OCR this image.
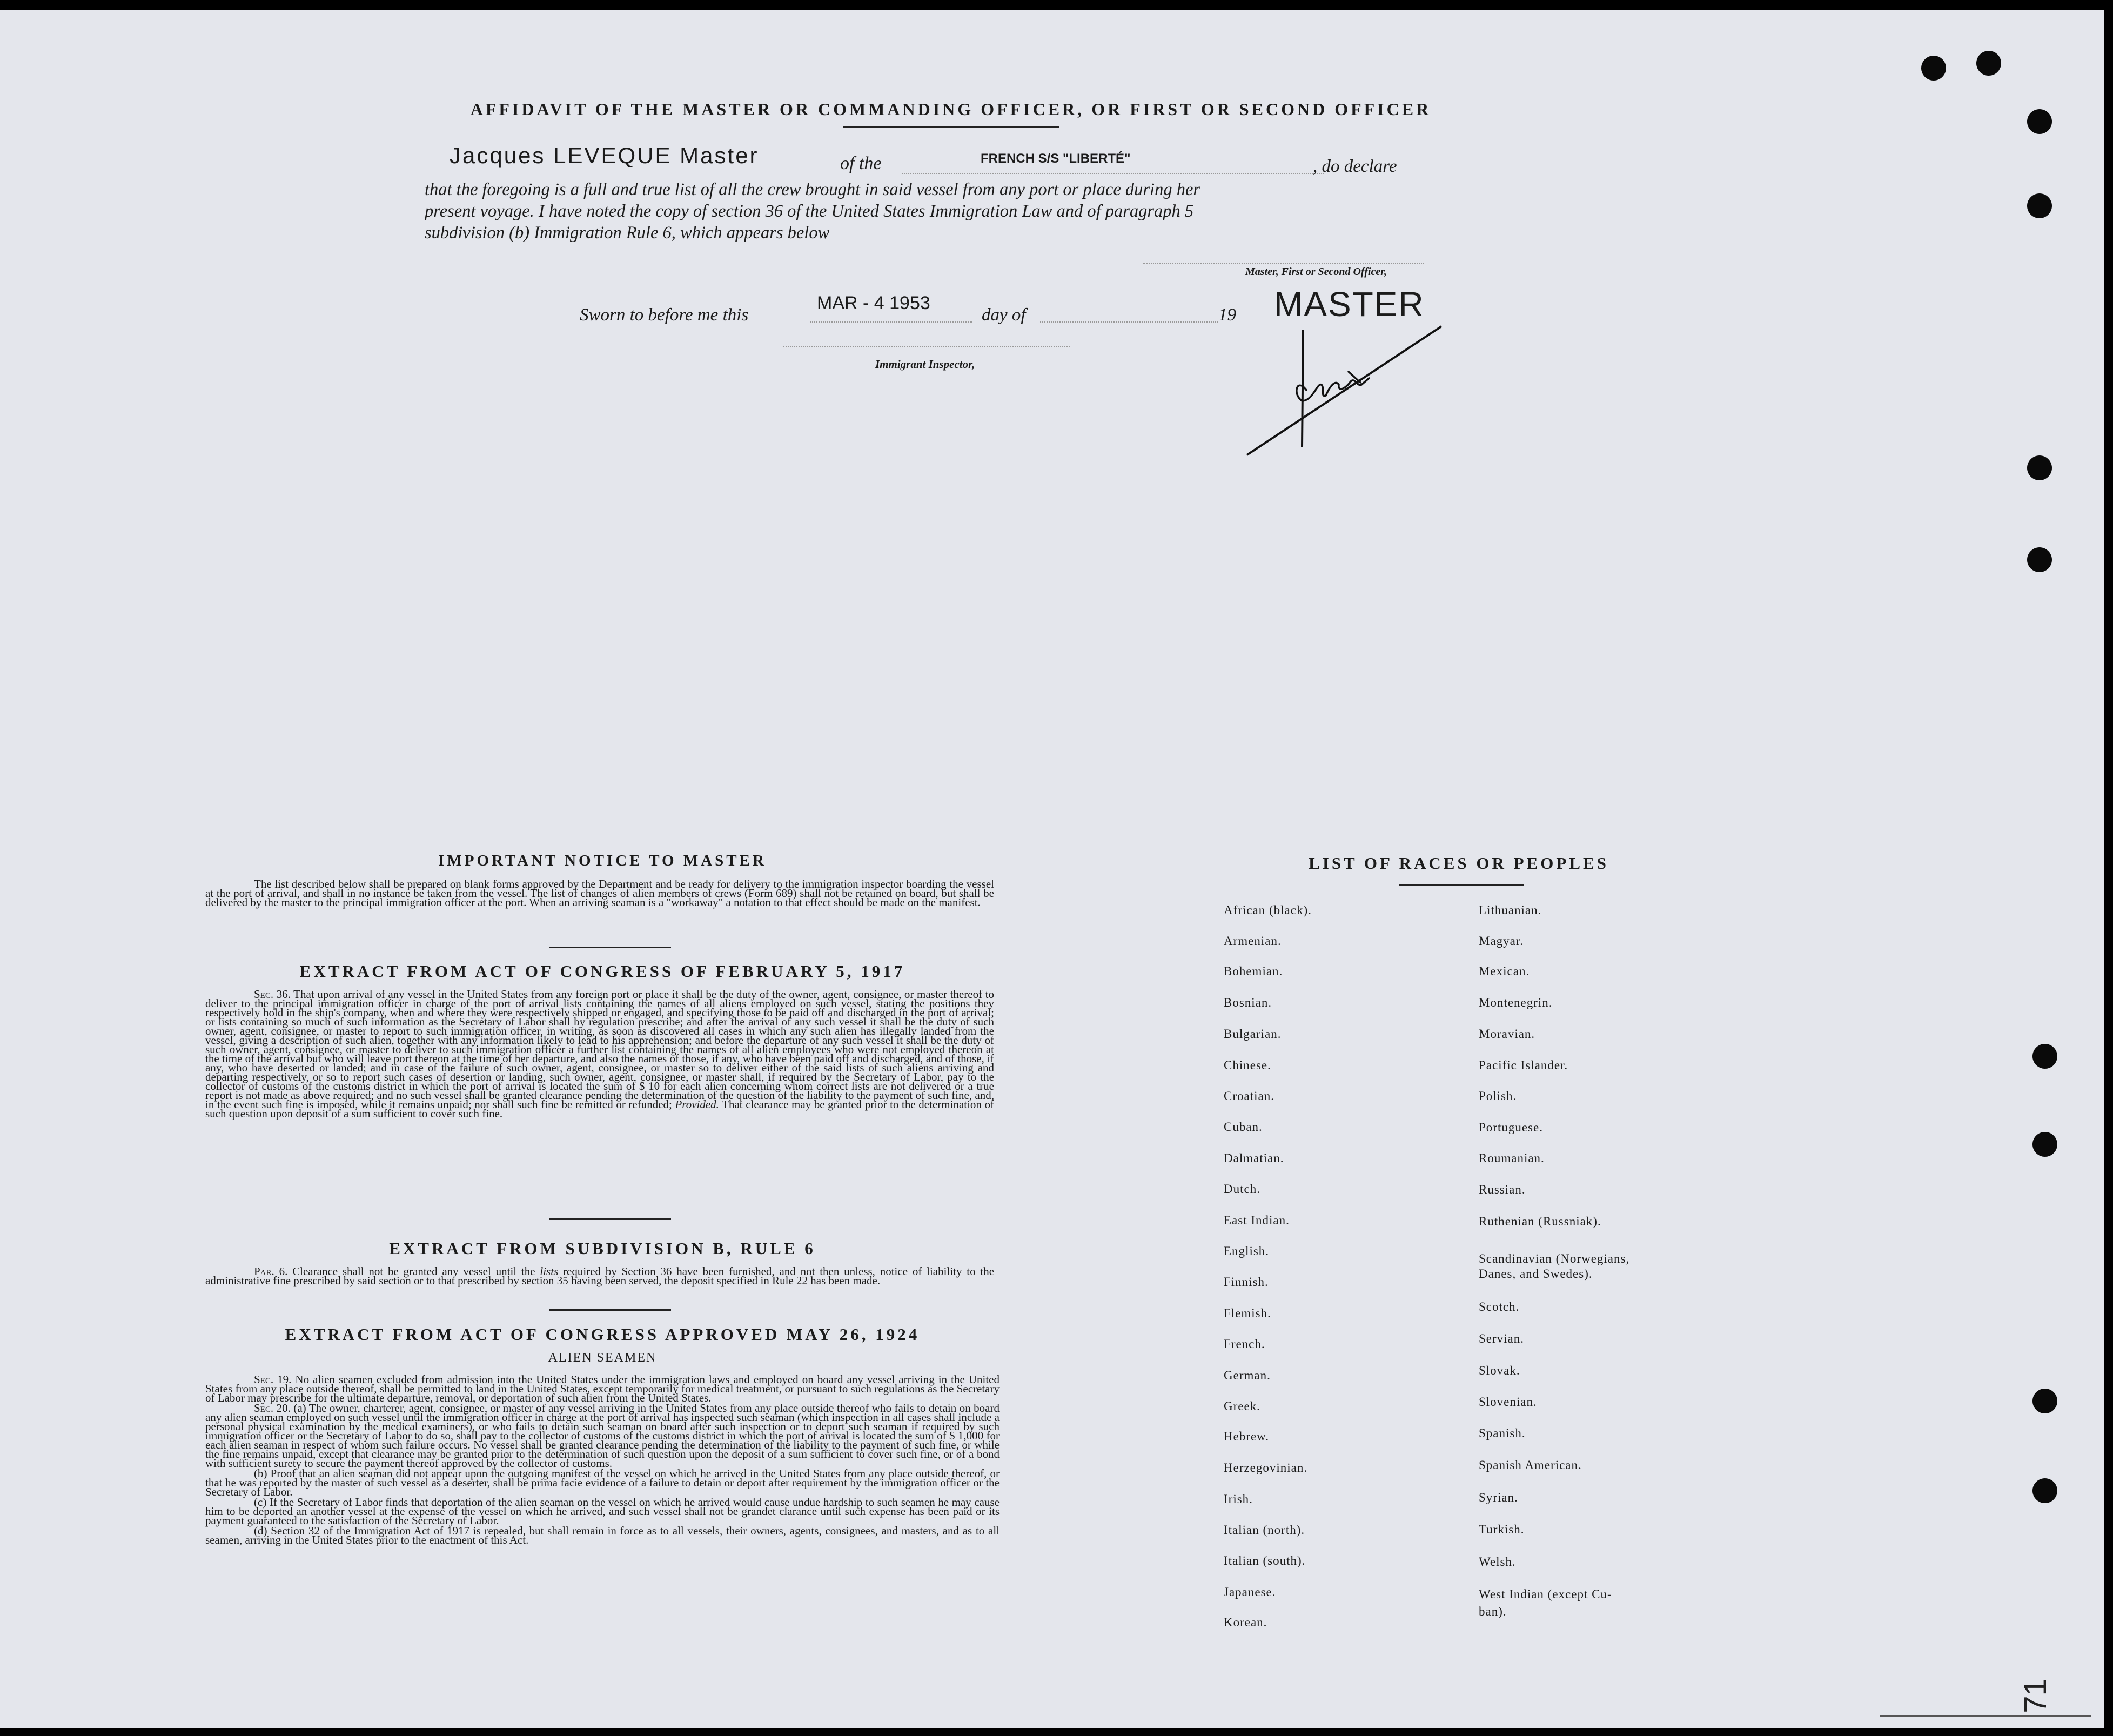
AFFIDAVIT OF THE MASTER OR COMMANDING OFFICER, OR FIRST OR SECOND OFFICER
Jacques LEVEQUE Master	of the	FRENCH S/S "LIBERTÉ"	, do declare
that the foregoing is a full and true list of all the crew brought in said vessel from any port or place during her
present voyage. I have noted the copy of section 36 of the United States Immigration Law and of paragraph 5
subdivision (b) Immigration Rule 6, which appears below
Master, First or Second Officer,
Sworn to before me this
MAR - 4 1953
day of	19 MASTER
Immigrant Inspector,
IMPORTANT NOTICE TO MASTER

The list described below shall be prepared on blank forms approved by the Department and be ready for delivery to the immigration inspector boarding the vessel at the port of arrival, and shall in no instance be taken from the vessel. The list of changes of alien members of crews (Form 689) shall not be retained on board, but shall be delivered by the master to the principal immigration officer at the port. When an arriving seaman is a "workaway" a notation to that effect should be made on the manifest.

EXTRACT FROM ACT OF CONGRESS OF FEBRUARY 5, 1917

Sec. 36. That upon arrival of any vessel in the United States from any foreign port or place it shall be the duty of the owner, agent, consignee, or master thereof to deliver to the principal immigration officer in charge of the port of arrival lists containing the names of all aliens employed on such vessel, stating the positions they respectively hold in the ship's company, when and where they were respectively shipped or engaged, and specifying those to be paid off and discharged in the port of arrival; or lists containing so much of such information as the Secretary of Labor shall by regulation prescribe; and after the arrival of any such vessel it shall be the duty of such owner, agent, consignee, or master to report to such immigration officer, in writing, as soon as discovered all cases in which any such alien has illegally landed from the vessel, giving a description of such alien, together with any information likely to lead to his apprehension; and before the departure of any such vessel it shall be the duty of such owner, agent, consignee, or master to deliver to such immigration officer a further list containing the names of all alien employees who were not employed thereon at the time of the arrival but who will leave port thereon at the time of her departure, and also the names of those, if any, who have been paid off and discharged, and of those, if any, who have deserted or landed; and in case of the failure of such owner, agent, consignee, or master so to deliver either of the said lists of such aliens arriving and departing respectively, or so to report such cases of desertion or landing, such owner, agent, consignee, or master shall, if required by the Secretary of Labor, pay to the collector of customs of the customs district in which the port of arrival is located the sum of $ 10 for each alien concerning whom correct lists are not delivered or a true report is not made as above required; and no such vessel shall be granted clearance pending the determination of the question of the liability to the payment of such fine, and, in the event such fine is imposed, while it remains unpaid; nor shall such fine be remitted or refunded; Provided. That clearance may be granted prior to the determination of such question upon deposit of a sum sufficient to cover such fine.

EXTRACT FROM SUBDIVISION B, RULE 6

Par. 6. Clearance shall not be granted any vessel until the lists required by Section 36 have been furnished, and not then unless, notice of liability to the administrative fine prescribed by said section or to that prescribed by section 35 having been served, the deposit specified in Rule 22 has been made.

EXTRACT FROM ACT OF CONGRESS APPROVED MAY 26, 1924
ALIEN SEAMEN

Sec. 19. No alien seamen excluded from admission into the United States under the immigration laws and employed on board any vessel arriving in the United States from any place outside thereof, shall be permitted to land in the United States, except temporarily for medical treatment, or pursuant to such regulations as the Secretary of Labor may prescribe for the ultimate departure, removal, or deportation of such alien from the United States.

Sec. 20. (a) The owner, charterer, agent, consignee, or master of any vessel arriving in the United States from any place outside thereof who fails to detain on board any alien seaman employed on such vessel until the immigration officer in charge at the port of arrival has inspected such seaman (which inspection in all cases shall include a personal physical examination by the medical examiners), or who fails to detain such seaman on board after such inspection or to deport such seaman if required by such immigration officer or the Secretary of Labor to do so, shall pay to the collector of customs of the customs district in which the port of arrival is located the sum of $ 1,000 for each alien seaman in respect of whom such failure occurs. No vessel shall be granted clearance pending the determination of the liability to the payment of such fine, or while the fine remains unpaid, except that clearance may be granted prior to the determination of such question upon the deposit of a sum sufficient to cover such fine, or of a bond with sufficient surety to secure the payment thereof approved by the collector of customs.

(b) Proof that an alien seaman did not appear upon the outgoing manifest of the vessel on which he arrived in the United States from any place outside thereof, or that he was reported by the master of such vessel as a deserter, shall be prima facie evidence of a failure to detain or deport after requirement by the immigration officer or the Secretary of Labor.

(c) If the Secretary of Labor finds that deportation of the alien seaman on the vessel on which he arrived would cause undue hardship to such seamen he may cause him to be deported an another vessel at the expense of the vessel on which he arrived, and such vessel shall not be grandet clarance until such expense has been paid or its payment guaranteed to the satisfaction of the Secretary of Labor.

(d) Section 32 of the Immigration Act of 1917 is repealed, but shall remain in force as to all vessels, their owners, agents, consignees, and masters, and as to all seamen, arriving in the United States prior to the enactment of this Act.

LIST OF RACES OR PEOPLES
African (black).
Armenian.
Bohemian.
Bosnian.
Bulgarian.
Chinese.
Croatian.
Cuban.
Dalmatian.
Dutch.
East Indian.
English.
Finnish.
Flemish.
French.
German.
Greek.
Hebrew.
Herzegovinian.
Irish.
Italian (north).
Italian (south).
Japanese.
Korean.
Lithuanian.
Magyar.
Mexican.
Montenegrin.
Moravian.
Pacific Islander.
Polish.
Portuguese.
Roumanian.
Russian.
Ruthenian (Russniak).
Scandinavian (Norwegians,
Danes, and Swedes).
Scotch.
Servian.
Slovak.
Slovenian.
Spanish.
Spanish American.
Syrian.
Turkish.
Welsh.
West Indian (except Cu-
ban).
71
